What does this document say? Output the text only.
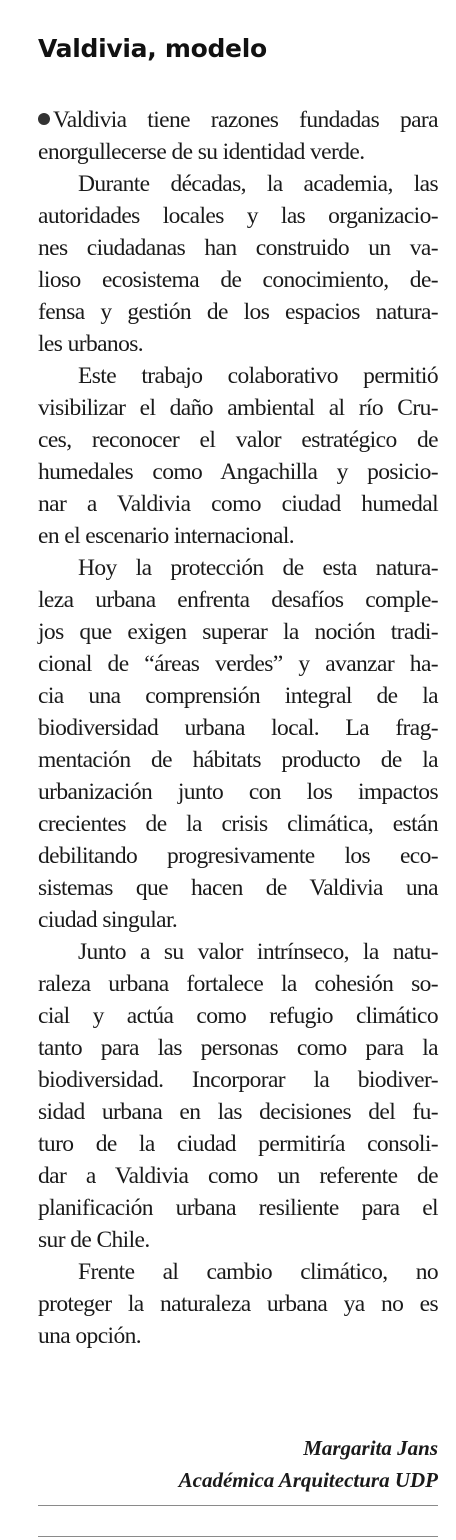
Valdivia, modelo
Valdivia tiene razones fundadas para
enorgullecerse de su identidad verde.
Durante décadas, la academia, las
autoridades locales y las organizacio-
nes ciudadanas han construido un va-
lioso ecosistema de conocimiento, de-
fensa y gestión de los espacios natura-
les urbanos.
Este trabajo colaborativo permitió
visibilizar el daño ambiental al río Cru-
ces, reconocer el valor estratégico de
humedales como Angachilla y posicio-
nar a Valdivia como ciudad humedal
en el escenario internacional.
Hoy la protección de esta natura-
leza urbana enfrenta desafíos comple-
jos que exigen superar la noción tradi-
cional de “áreas verdes” y avanzar ha-
cia una comprensión integral de la
biodiversidad urbana local. La frag-
mentación de hábitats producto de la
urbanización junto con los impactos
crecientes de la crisis climática, están
debilitando progresivamente los eco-
sistemas que hacen de Valdivia una
ciudad singular.
Junto a su valor intrínseco, la natu-
raleza urbana fortalece la cohesión so-
cial y actúa como refugio climático
tanto para las personas como para la
biodiversidad. Incorporar la biodiver-
sidad urbana en las decisiones del fu-
turo de la ciudad permitiría consoli-
dar a Valdivia como un referente de
planificación urbana resiliente para el
sur de Chile.
Frente al cambio climático, no
proteger la naturaleza urbana ya no es
una opción.
Margarita Jans
Académica Arquitectura UDP
